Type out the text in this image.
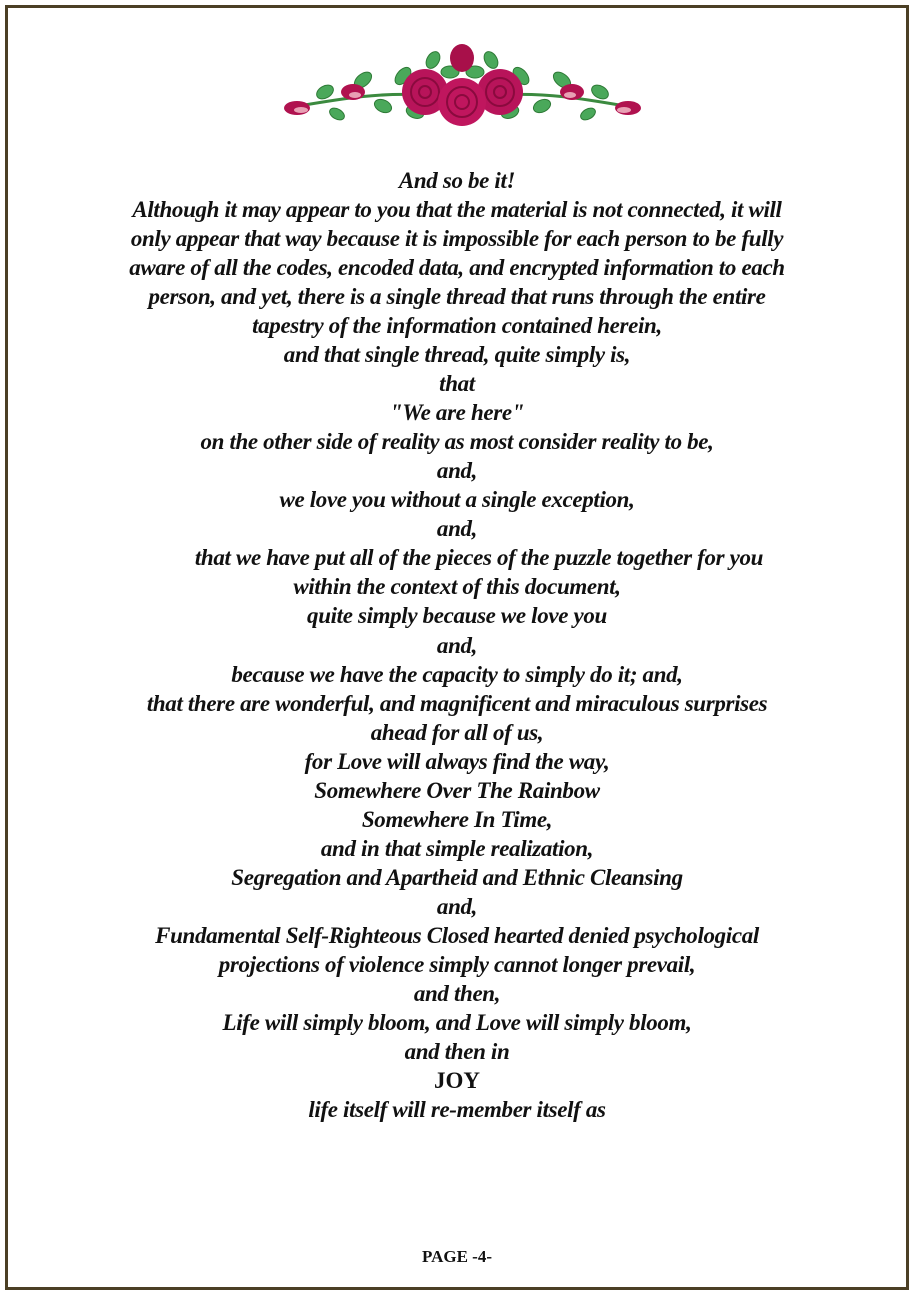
And so be it!
Although it may appear to you that the material is not connected, it will
only appear that way because it is impossible for each person to be fully
aware of all the codes, encoded data, and encrypted information to each
person, and yet, there is a single thread that runs through the entire
tapestry of the information contained herein,
and that single thread, quite simply is,
that
"We are here"
on the other side of reality as most consider reality to be,
and,
we love you without a single exception,
and,
that we have put all of the pieces of the puzzle together for you
within the context of this document,
quite simply because we love you
and,
because we have the capacity to simply do it; and,
that there are wonderful, and magnificent and miraculous surprises
ahead for all of us,
for Love will always find the way,
Somewhere Over The Rainbow
Somewhere In Time,
and in that simple realization,
Segregation and Apartheid and Ethnic Cleansing
and,
Fundamental Self-Righteous Closed hearted denied psychological
projections of violence simply cannot longer prevail,
and then,
Life will simply bloom, and Love will simply bloom,
and then in
JOY
life itself will re-member itself as
PAGE -4-
